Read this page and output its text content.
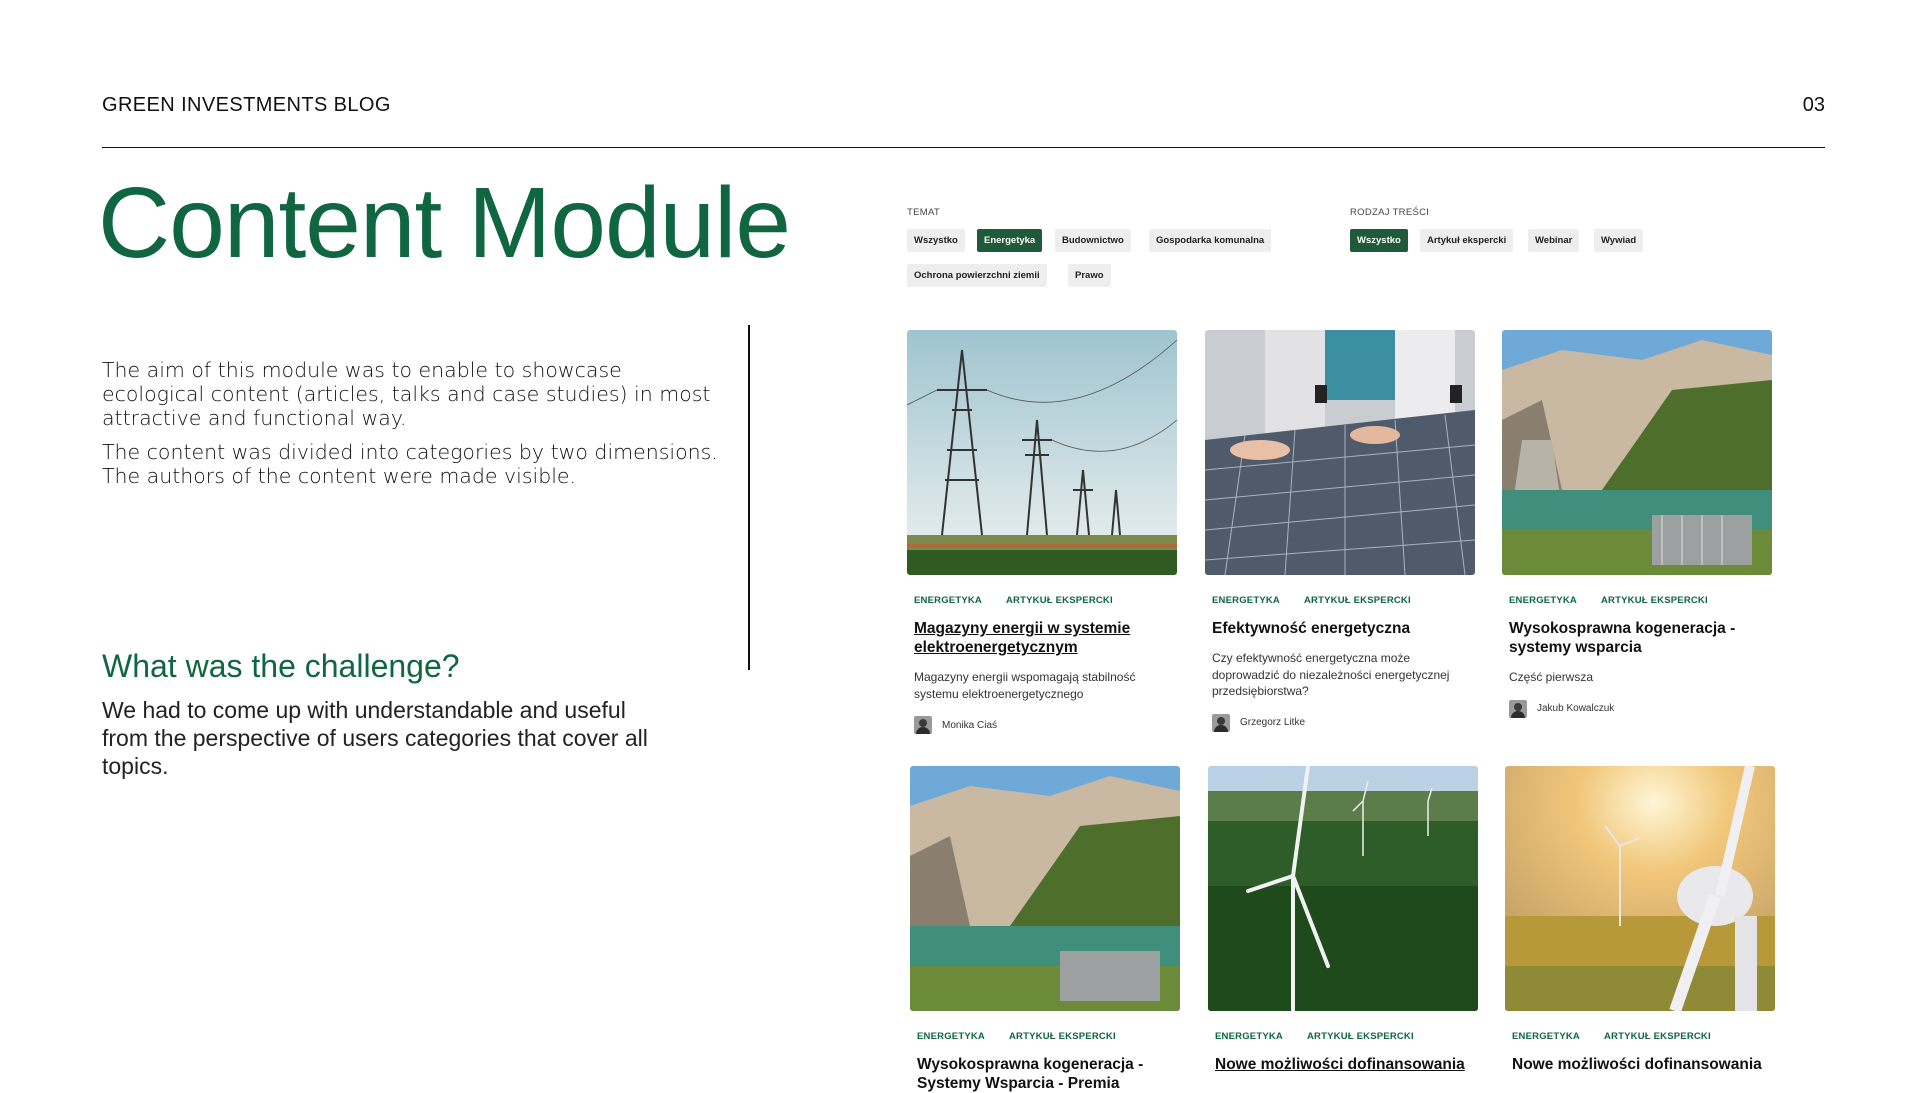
GREEN INVESTMENTS BLOG	03
Content Module

The aim of this module was to enable to showcase ecological content (articles, talks and case studies) in most attractive and functional way.

The content was divided into categories by two dimensions. The authors of the content were made visible.

What was the challenge?
We had to come up with understandable and useful from the perspective of users categories that cover all topics.
TEMAT
Wszystko	Energetyka	Budownictwo	Gospodarka komunalna
Ochrona powierzchni ziemii	Prawo
RODZAJ TREŚCI
Wszystko	Artykuł ekspercki	Webinar	Wywiad
ENERGETYKA	ARTYKUŁ EKSPERCKI
Magazyny energii w systemie elektroenergetycznym
Magazyny energii wspomagają stabilność systemu elektroenergetycznego
Monika Ciaś
ENERGETYKA	ARTYKUŁ EKSPERCKI
Efektywność energetyczna
Czy efektywność energetyczna może doprowadzić do niezależności energetycznej przedsiębiorstwa?
Grzegorz Litke
ENERGETYKA	ARTYKUŁ EKSPERCKI
Wysokosprawna kogeneracja - systemy wsparcia
Część pierwsza
Jakub Kowalczuk
ENERGETYKA	ARTYKUŁ EKSPERCKI
Wysokosprawna kogeneracja - Systemy Wsparcia - Premia
ENERGETYKA	ARTYKUŁ EKSPERCKI
Nowe możliwości dofinansowania
ENERGETYKA	ARTYKUŁ EKSPERCKI
Nowe możliwości dofinansowania
